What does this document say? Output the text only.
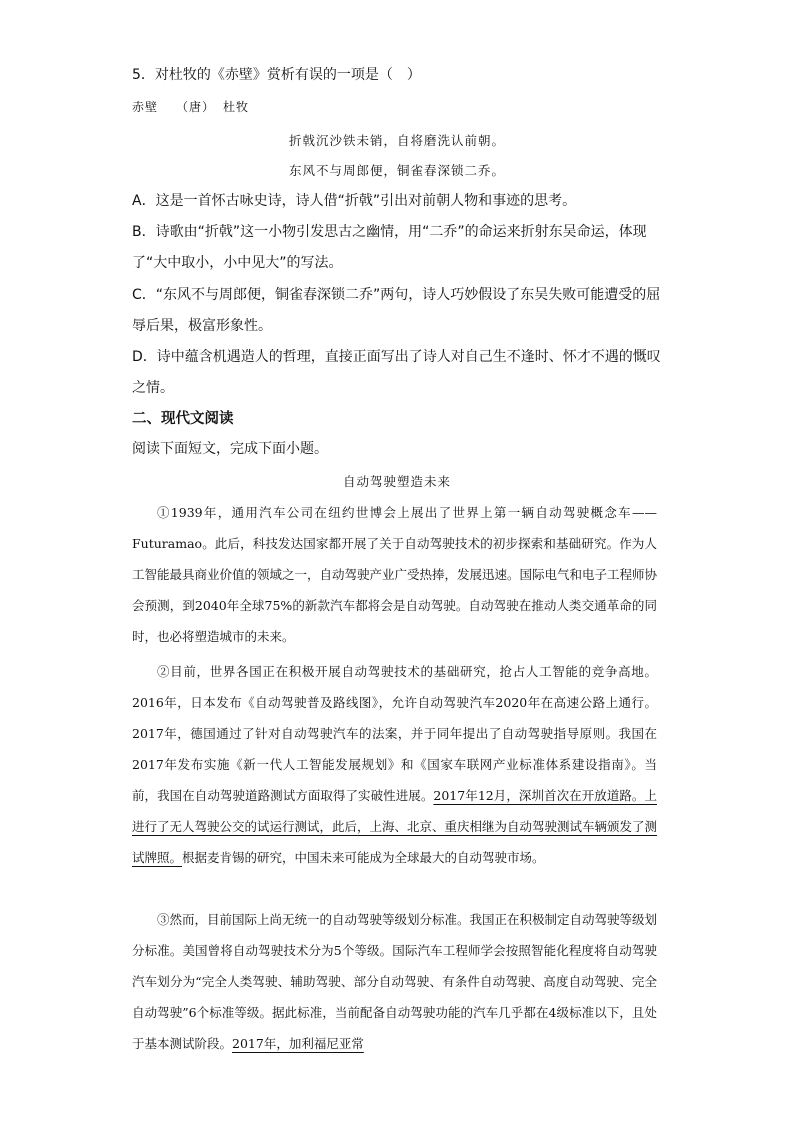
5．对杜牧的《赤壁》赏析有误的一项是（　）
赤壁 （唐） 杜牧
折戟沉沙铁未销，自将磨洗认前朝。
东风不与周郎便，铜雀春深锁二乔。
A．这是一首怀古咏史诗，诗人借“折戟”引出对前朝人物和事迹的思考。
B．诗歌由“折戟”这一小物引发思古之幽情，用“二乔”的命运来折射东吴命运，体现了“大中取小，小中见大”的写法。
C．“东风不与周郎便，铜雀春深锁二乔”两句，诗人巧妙假设了东吴失败可能遭受的屈辱后果，极富形象性。
D．诗中蕴含机遇造人的哲理，直接正面写出了诗人对自己生不逢时、怀才不遇的慨叹之情。
二、现代文阅读
阅读下面短文，完成下面小题。
自动驾驶塑造未来
①1939年，通用汽车公司在纽约世博会上展出了世界上第一辆自动驾驶概念车——Futuramao。此后，科技发达国家都开展了关于自动驾驶技术的初步探索和基础研究。作为人工智能最具商业价值的领域之一，自动驾驶产业广受热捧，发展迅速。国际电气和电子工程师协会预测，到2040年全球75%的新款汽车都将会是自动驾驶。自动驾驶在推动人类交通革命的同时，也必将塑造城市的未来。
②目前，世界各国正在积极开展自动驾驶技术的基础研究，抢占人工智能的竞争高地。2016年，日本发布《自动驾驶普及路线图》，允许自动驾驶汽车2020年在高速公路上通行。2017年，德国通过了针对自动驾驶汽车的法案，并于同年提出了自动驾驶指导原则。我国在2017年发布实施《新一代人工智能发展规划》和《国家车联网产业标准体系建设指南》。当前，我国在自动驾驶道路测试方面取得了实破性进展。2017年12月，深圳首次在开放道路。上进行了无人驾驶公交的试运行测试，此后，上海、北京、重庆相继为自动驾驶测试车辆颁发了测试牌照。根据麦肯锡的研究，中国未来可能成为全球最大的自动驾驶市场。
③然而，目前国际上尚无统一的自动驾驶等级划分标准。我国正在积极制定自动驾驶等级划分标准。美国曾将自动驾驶技术分为5个等级。国际汽车工程师学会按照智能化程度将自动驾驶汽车划分为“完全人类驾驶、辅助驾驶、部分自动驾驶、有条件自动驾驶、高度自动驾驶、完全自动驾驶”6个标准等级。据此标准，当前配备自动驾驶功能的汽车几乎都在4级标准以下，且处于基本测试阶段。2017年，加利福尼亚常
